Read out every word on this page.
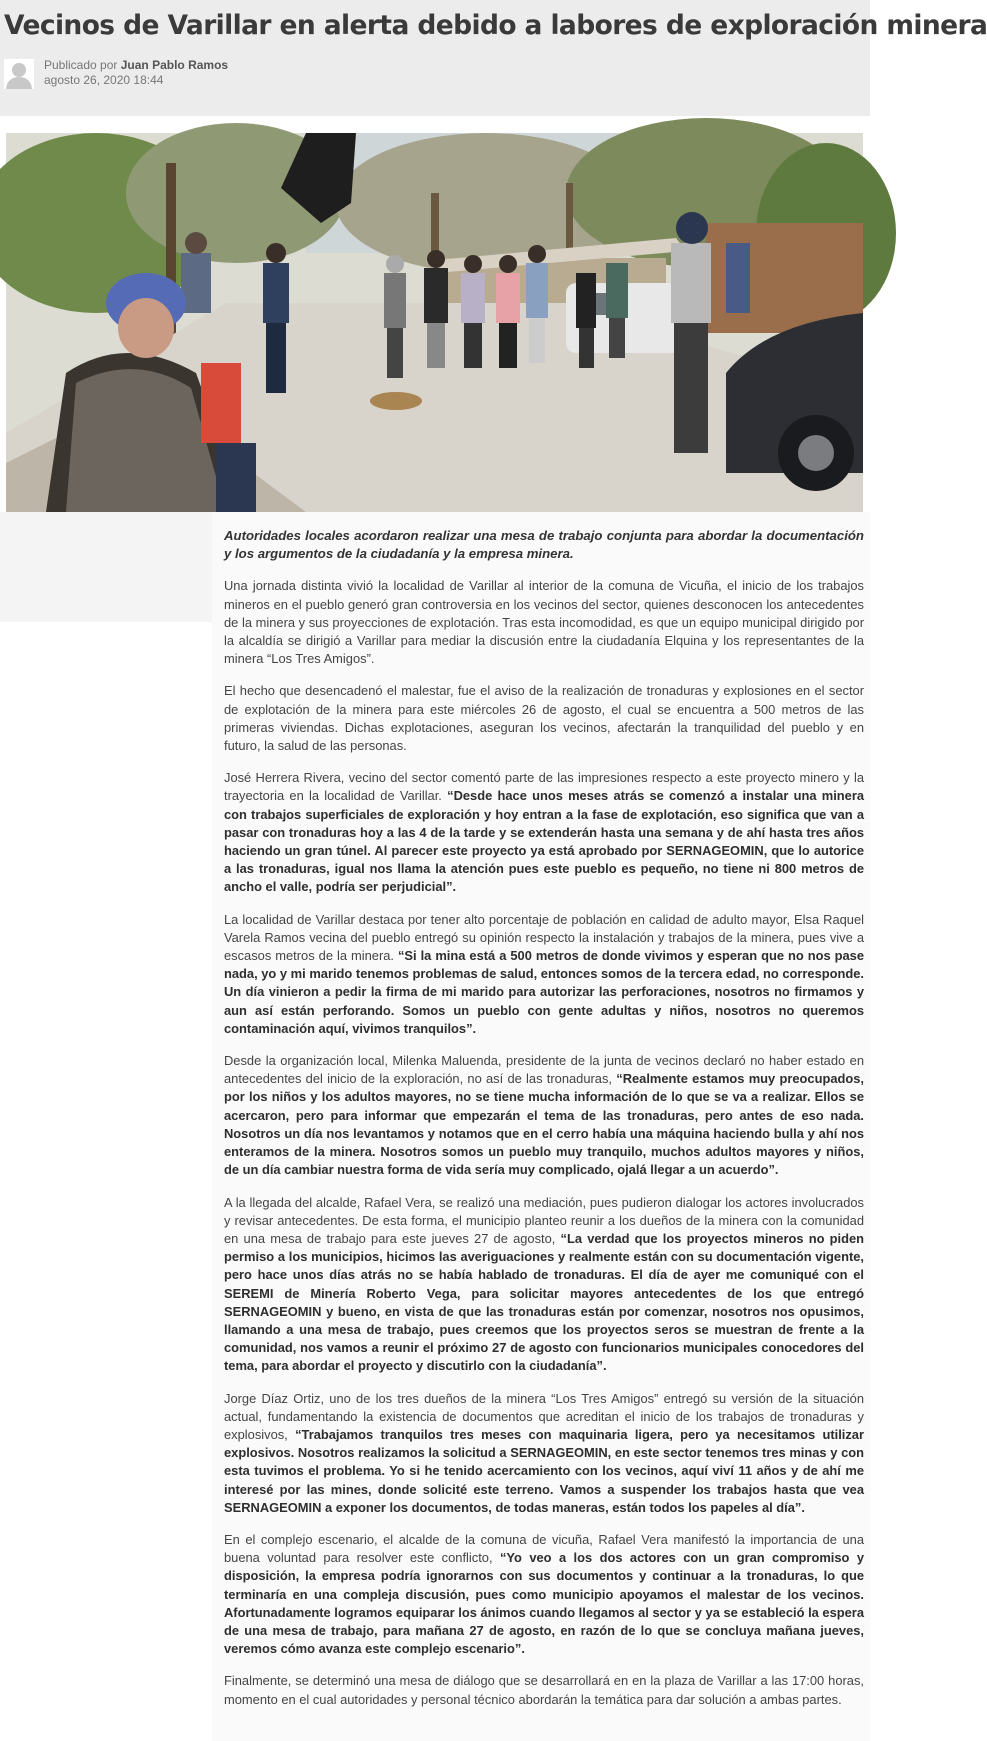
Vecinos de Varillar en alerta debido a labores de exploración minera
Publicado por Juan Pablo Ramos
agosto 26, 2020 18:44

Autoridades locales acordaron realizar una mesa de trabajo conjunta para abordar la documentación y los argumentos de la ciudadanía y la empresa minera.

Una jornada distinta vivió la localidad de Varillar al interior de la comuna de Vicuña, el inicio de los trabajos mineros en el pueblo generó gran controversia en los vecinos del sector, quienes desconocen los antecedentes de la minera y sus proyecciones de explotación. Tras esta incomodidad, es que un equipo municipal dirigido por la alcaldía se dirigió a Varillar para mediar la discusión entre la ciudadanía Elquina y los representantes de la minera “Los Tres Amigos”.

El hecho que desencadenó el malestar, fue el aviso de la realización de tronaduras y explosiones en el sector de explotación de la minera para este miércoles 26 de agosto, el cual se encuentra a 500 metros de las primeras viviendas. Dichas explotaciones, aseguran los vecinos, afectarán la tranquilidad del pueblo y en futuro, la salud de las personas.

José Herrera Rivera, vecino del sector comentó parte de las impresiones respecto a este proyecto minero y la trayectoria en la localidad de Varillar. “Desde hace unos meses atrás se comenzó a instalar una minera con trabajos superficiales de exploración y hoy entran a la fase de explotación, eso significa que van a pasar con tronaduras hoy a las 4 de la tarde y se extenderán hasta una semana y de ahí hasta tres años haciendo un gran túnel. Al parecer este proyecto ya está aprobado por SERNAGEOMIN, que lo autorice a las tronaduras, igual nos llama la atención pues este pueblo es pequeño, no tiene ni 800 metros de ancho el valle, podría ser perjudicial”.

La localidad de Varillar destaca por tener alto porcentaje de población en calidad de adulto mayor, Elsa Raquel Varela Ramos vecina del pueblo entregó su opinión respecto la instalación y trabajos de la minera, pues vive a escasos metros de la minera. “Si la mina está a 500 metros de donde vivimos y esperan que no nos pase nada, yo y mi marido tenemos problemas de salud, entonces somos de la tercera edad, no corresponde. Un día vinieron a pedir la firma de mi marido para autorizar las perforaciones, nosotros no firmamos y aun así están perforando. Somos un pueblo con gente adultas y niños, nosotros no queremos contaminación aquí, vivimos tranquilos”.

Desde la organización local, Milenka Maluenda, presidente de la junta de vecinos declaró no haber estado en antecedentes del inicio de la exploración, no así de las tronaduras, “Realmente estamos muy preocupados, por los niños y los adultos mayores, no se tiene mucha información de lo que se va a realizar. Ellos se acercaron, pero para informar que empezarán el tema de las tronaduras, pero antes de eso nada. Nosotros un día nos levantamos y notamos que en el cerro había una máquina haciendo bulla y ahí nos enteramos de la minera. Nosotros somos un pueblo muy tranquilo, muchos adultos mayores y niños, de un día cambiar nuestra forma de vida sería muy complicado, ojalá llegar a un acuerdo”.

A la llegada del alcalde, Rafael Vera, se realizó una mediación, pues pudieron dialogar los actores involucrados y revisar antecedentes. De esta forma, el municipio planteo reunir a los dueños de la minera con la comunidad en una mesa de trabajo para este jueves 27 de agosto, “La verdad que los proyectos mineros no piden permiso a los municipios, hicimos las averiguaciones y realmente están con su documentación vigente, pero hace unos días atrás no se había hablado de tronaduras. El día de ayer me comuniqué con el SEREMI de Minería Roberto Vega, para solicitar mayores antecedentes de los que entregó SERNAGEOMIN y bueno, en vista de que las tronaduras están por comenzar, nosotros nos opusimos, llamando a una mesa de trabajo, pues creemos que los proyectos seros se muestran de frente a la comunidad, nos vamos a reunir el próximo 27 de agosto con funcionarios municipales conocedores del tema, para abordar el proyecto y discutirlo con la ciudadanía”.

Jorge Díaz Ortiz, uno de los tres dueños de la minera “Los Tres Amigos” entregó su versión de la situación actual, fundamentando la existencia de documentos que acreditan el inicio de los trabajos de tronaduras y explosivos, “Trabajamos tranquilos tres meses con maquinaria ligera, pero ya necesitamos utilizar explosivos. Nosotros realizamos la solicitud a SERNAGEOMIN, en este sector tenemos tres minas y con esta tuvimos el problema. Yo si he tenido acercamiento con los vecinos, aquí viví 11 años y de ahí me interesé por las mines, donde solicité este terreno. Vamos a suspender los trabajos hasta que vea SERNAGEOMIN a exponer los documentos, de todas maneras, están todos los papeles al día”.

En el complejo escenario, el alcalde de la comuna de vicuña, Rafael Vera manifestó la importancia de una buena voluntad para resolver este conflicto, “Yo veo a los dos actores con un gran compromiso y disposición, la empresa podría ignorarnos con sus documentos y continuar a la tronaduras, lo que terminaría en una compleja discusión, pues como municipio apoyamos el malestar de los vecinos. Afortunadamente logramos equiparar los ánimos cuando llegamos al sector y ya se estableció la espera de una mesa de trabajo, para mañana 27 de agosto, en razón de lo que se concluya mañana jueves, veremos cómo avanza este complejo escenario”.

Finalmente, se determinó una mesa de diálogo que se desarrollará en en la plaza de Varillar a las 17:00 horas, momento en el cual autoridades y personal técnico abordarán la temática para dar solución a ambas partes.
